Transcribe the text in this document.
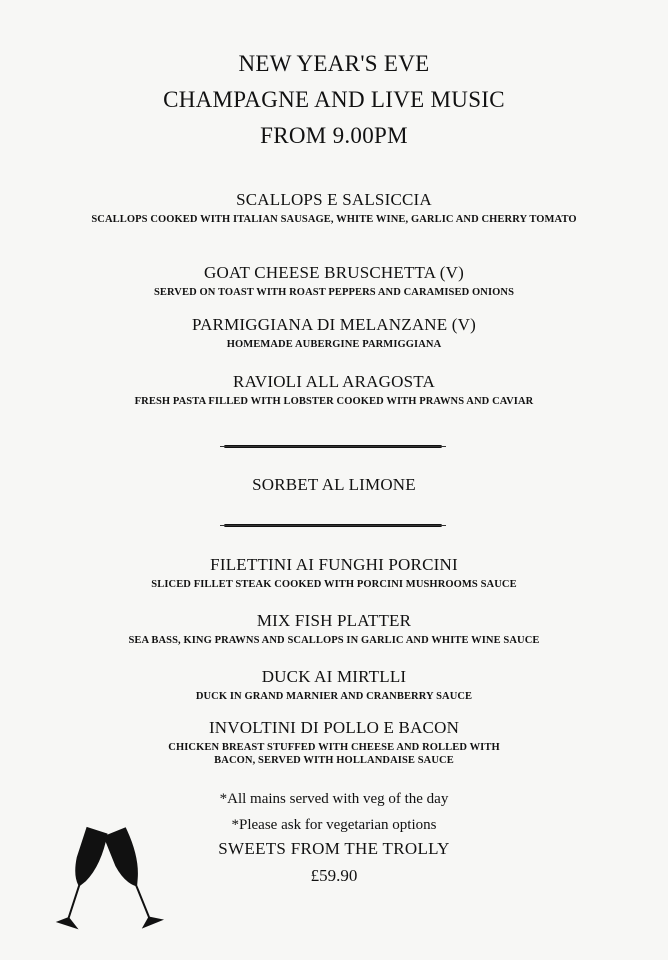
NEW YEAR'S EVE
CHAMPAGNE AND LIVE MUSIC
FROM 9.00PM
SCALLOPS E SALSICCIA
SCALLOPS COOKED WITH ITALIAN SAUSAGE, WHITE WINE, GARLIC AND CHERRY TOMATO
GOAT CHEESE BRUSCHETTA (V)
SERVED ON TOAST WITH ROAST PEPPERS AND CARAMISED ONIONS
PARMIGGIANA DI MELANZANE (V)
HOMEMADE AUBERGINE PARMIGGIANA
RAVIOLI ALL ARAGOSTA
FRESH PASTA FILLED WITH LOBSTER COOKED WITH PRAWNS AND CAVIAR
SORBET AL LIMONE
FILETTINI AI FUNGHI PORCINI
SLICED FILLET STEAK COOKED WITH PORCINI MUSHROOMS SAUCE
MIX FISH PLATTER
SEA BASS, KING PRAWNS AND SCALLOPS IN GARLIC AND WHITE WINE SAUCE
DUCK AI MIRTLLI
DUCK IN GRAND MARNIER AND CRANBERRY SAUCE
INVOLTINI DI POLLO E BACON
CHICKEN BREAST STUFFED WITH CHEESE AND ROLLED WITH BACON, SERVED WITH HOLLANDAISE SAUCE
*All mains served with veg of the day
*Please ask for vegetarian options
SWEETS FROM THE TROLLY
£59.90
